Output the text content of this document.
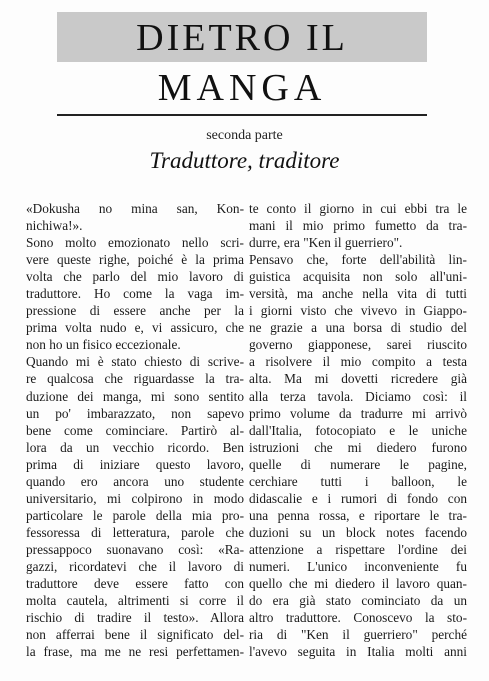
DIETRO IL
MANGA
seconda parte
Traduttore, traditore
«Dokusha no mina san, Kon-
nichiwa!».
Sono molto emozionato nello scri-
vere queste righe, poiché è la prima
volta che parlo del mio lavoro di
traduttore. Ho come la vaga im-
pressione di essere anche per la
prima volta nudo e, vi assicuro, che
non ho un fisico eccezionale.
Quando mi è stato chiesto di scrive-
re qualcosa che riguardasse la tra-
duzione dei manga, mi sono sentito
un po' imbarazzato, non sapevo
bene come cominciare. Partirò al-
lora da un vecchio ricordo. Ben
prima di iniziare questo lavoro,
quando ero ancora uno studente
universitario, mi colpirono in modo
particolare le parole della mia pro-
fessoressa di letteratura, parole che
pressappoco suonavano così: «Ra-
gazzi, ricordatevi che il lavoro di
traduttore deve essere fatto con
molta cautela, altrimenti si corre il
rischio di tradire il testo». Allora
non afferrai bene il significato del-
la frase, ma me ne resi perfettamen-
te conto il giorno in cui ebbi tra le
mani il mio primo fumetto da tra-
durre, era "Ken il guerriero".
Pensavo che, forte dell'abilità lin-
guistica acquisita non solo all'uni-
versità, ma anche nella vita di tutti
i giorni visto che vivevo in Giappo-
ne grazie a una borsa di studio del
governo giapponese, sarei riuscito
a risolvere il mio compito a testa
alta. Ma mi dovetti ricredere già
alla terza tavola. Diciamo così: il
primo volume da tradurre mi arrivò
dall'Italia, fotocopiato e le uniche
istruzioni che mi diedero furono
quelle di numerare le pagine,
cerchiare tutti i balloon, le
didascalie e i rumori di fondo con
una penna rossa, e riportare le tra-
duzioni su un block notes facendo
attenzione a rispettare l'ordine dei
numeri. L'unico inconveniente fu
quello che mi diedero il lavoro quan-
do era già stato cominciato da un
altro traduttore. Conoscevo la sto-
ria di "Ken il guerriero" perché
l'avevo seguita in Italia molti anni
